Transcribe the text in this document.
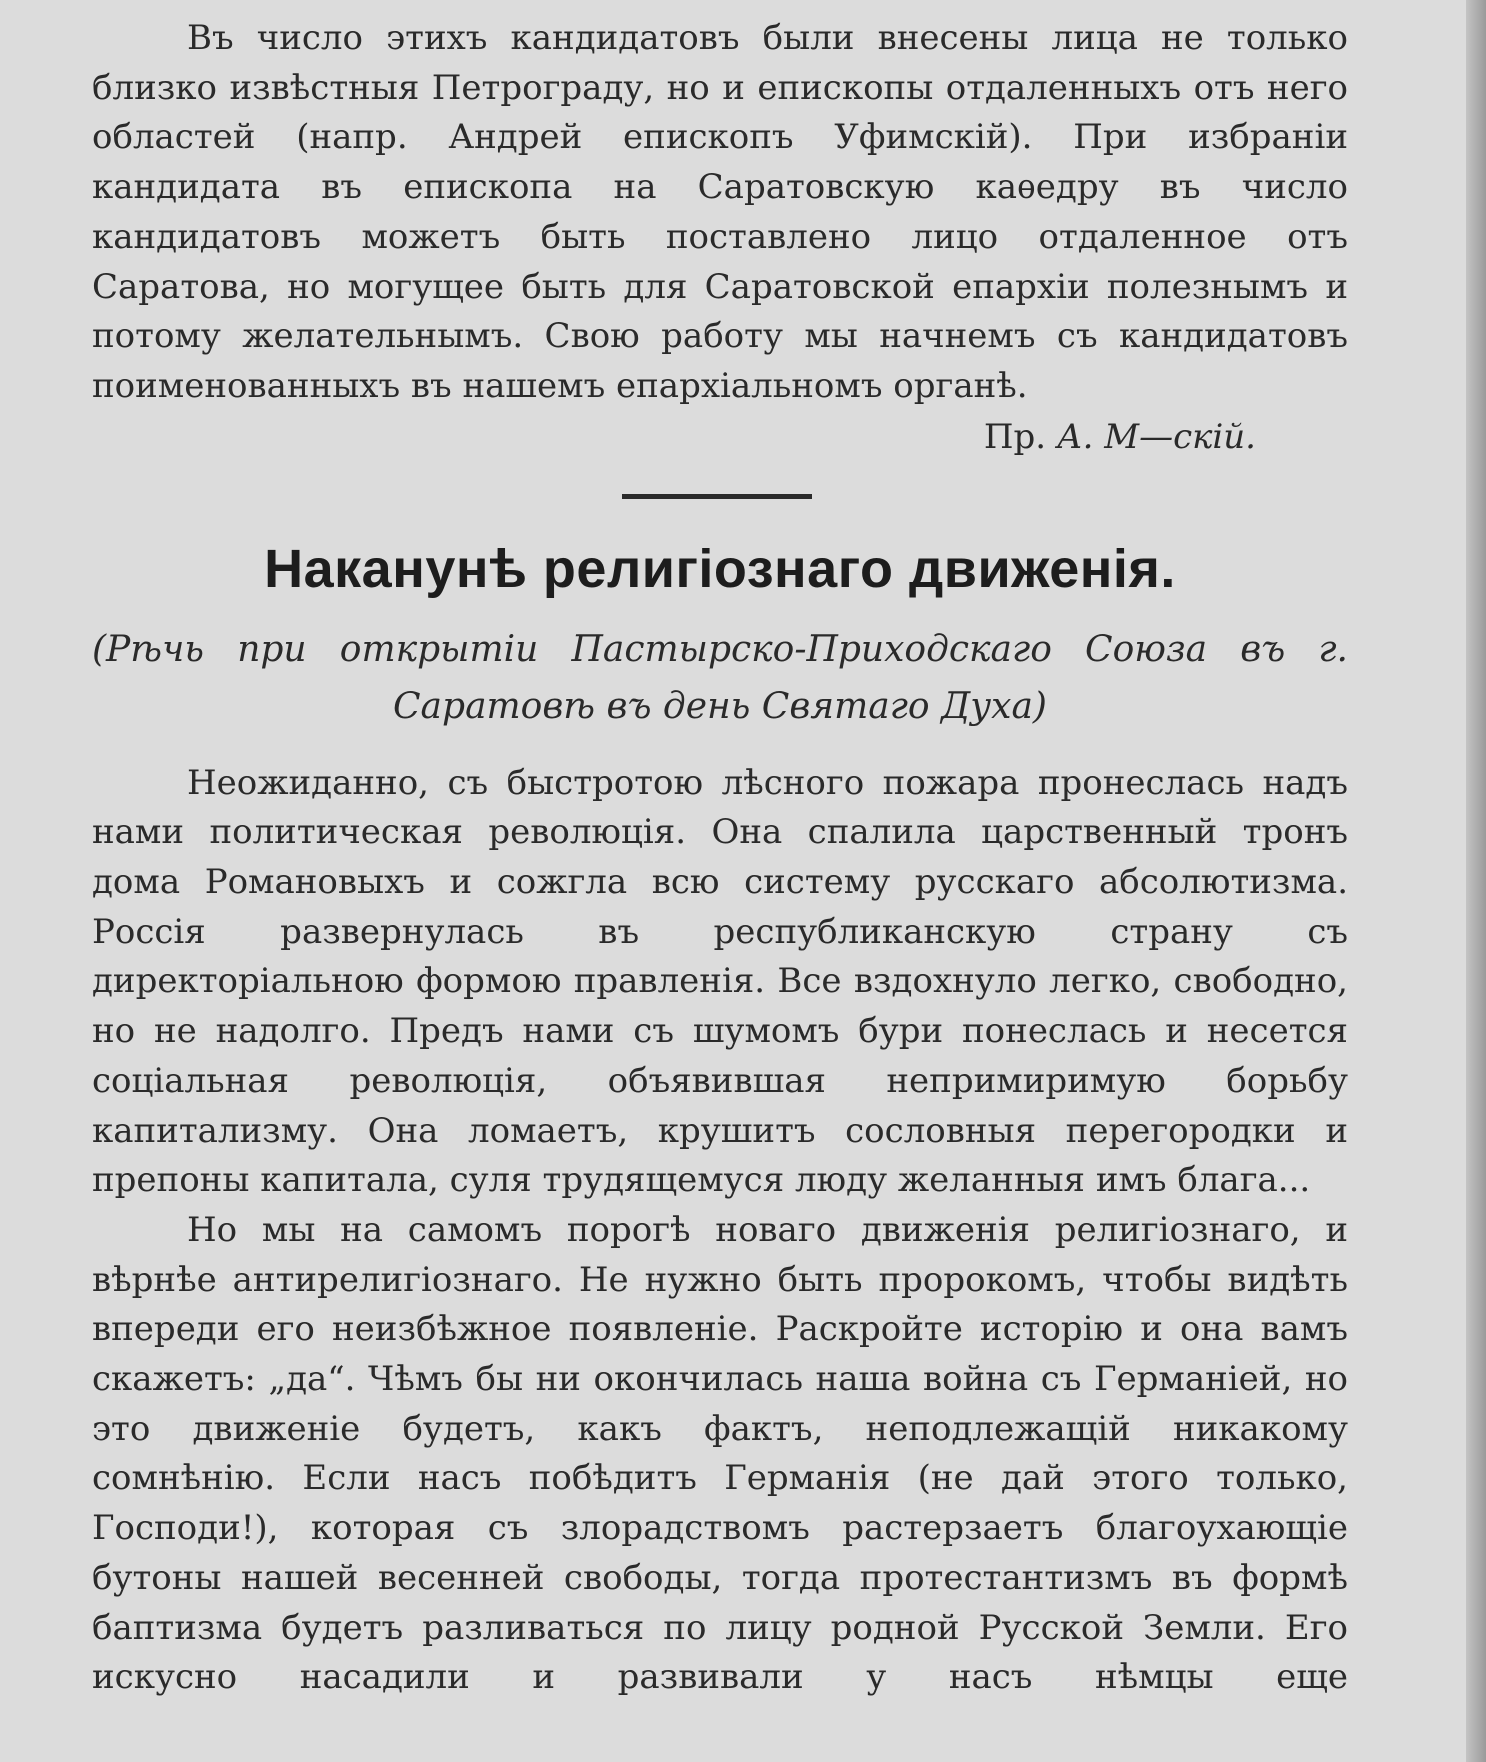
Въ число этихъ кандидатовъ были внесены лица не только близко извѣстныя Петрограду, но и епископы отдаленныхъ отъ него областей (напр. Андрей епископъ Уфимскій). При избраніи кандидата въ епископа на Саратовскую каѳедру въ число кандидатовъ можетъ быть поставлено лицо отдаленное отъ Саратова, но могущее быть для Саратовской епархіи полезнымъ и потому желательнымъ. Свою работу мы начнемъ съ кандидатовъ поименованныхъ въ нашемъ епархіальномъ органѣ.

Пр. А. М—скій.

Наканунѣ религіознаго движенія.

(Рѣчь при открытіи Пастырско-Приходскаго Союза въ г. Саратовѣ въ день Святаго Духа)

Неожиданно, съ быстротою лѣсного пожара пронеслась надъ нами политическая революція. Она спалила царственный тронъ дома Романовыхъ и сожгла всю систему русскаго абсолютизма. Россія развернулась въ республиканскую страну съ директоріальною формою правленія. Все вздохнуло легко, свободно, но не надолго. Предъ нами съ шумомъ бури понеслась и несется соціальная революція, объявившая непримиримую борьбу капитализму. Она ломаетъ, крушитъ сословныя перегородки и препоны капитала, суля трудящемуся люду желанныя имъ блага...

Но мы на самомъ порогѣ новаго движенія религіознаго, и вѣрнѣе антирелигіознаго. Не нужно быть пророкомъ, чтобы видѣть впереди его неизбѣжное появленіе. Раскройте исторію и она вамъ скажетъ: „да“. Чѣмъ бы ни окончилась наша война съ Германіей, но это движеніе будетъ, какъ фактъ, неподлежащій никакому сомнѣнію. Если насъ побѣдитъ Германія (не дай этого только, Господи!), которая съ злорадствомъ растерзаетъ благоухающіе бутоны нашей весенней свободы, тогда протестантизмъ въ формѣ баптизма будетъ разливаться по лицу родной Русской Земли. Его искусно насадили и развивали у насъ нѣмцы еще
